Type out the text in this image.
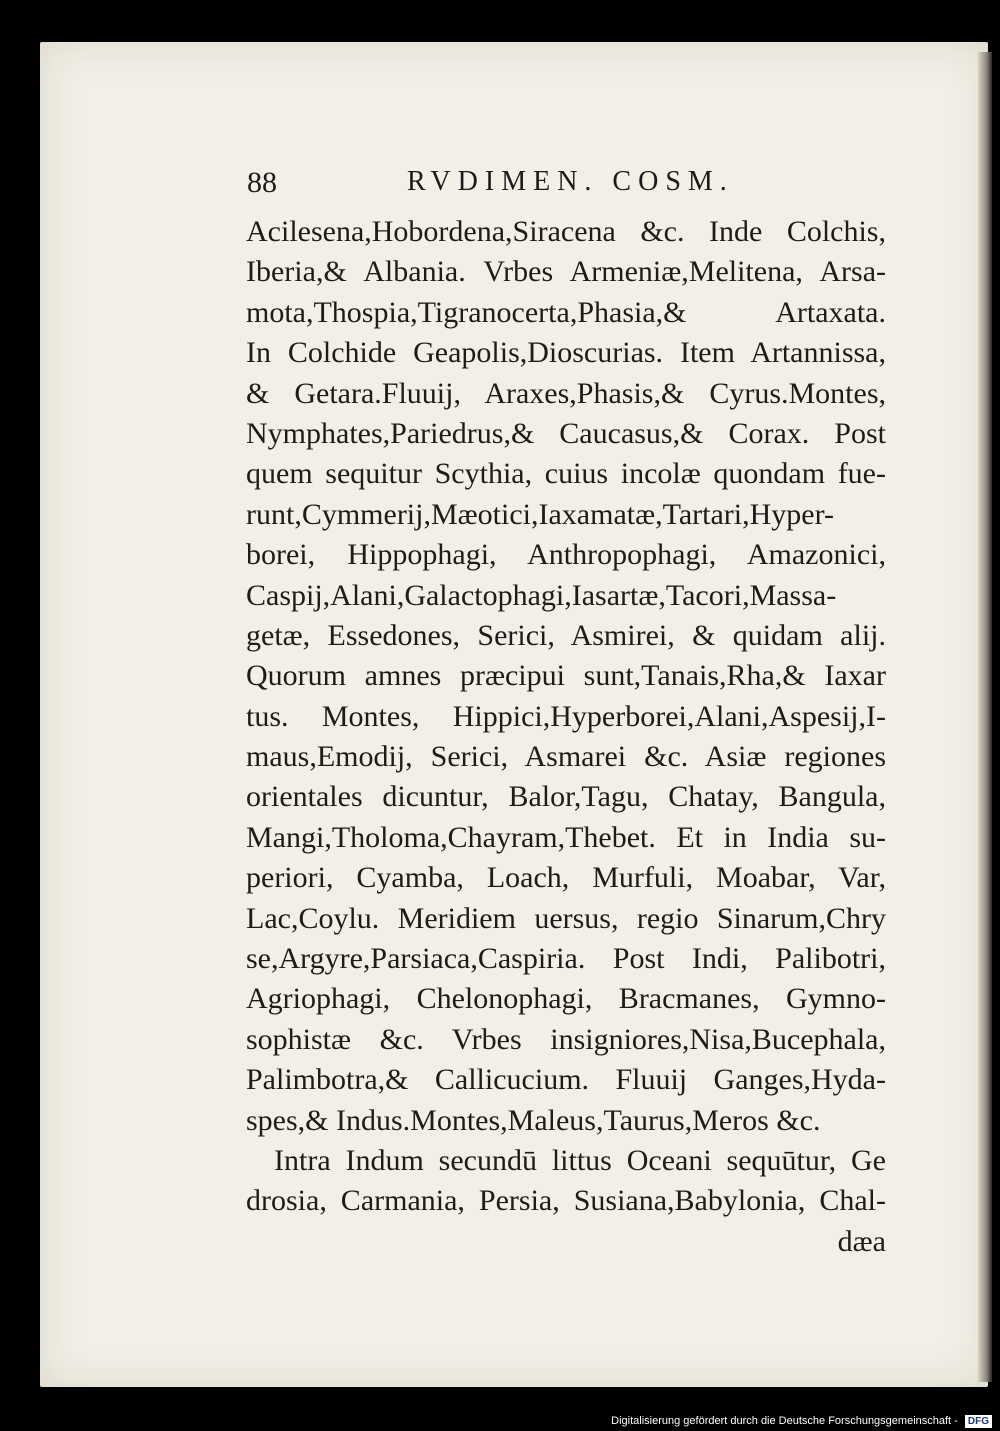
88	RVDIMEN. COSM.
Acilesena,Hobordena,Siracena &c. Inde Colchis,
Iberia,& Albania. Vrbes Armeniæ,Melitena, Arsa-
mota,Thospia,Tigranocerta,Phasia,& Artaxata.
In Colchide Geapolis,Dioscurias. Item Artannissa,
& Getara.Fluuij, Araxes,Phasis,& Cyrus.Montes,
Nymphates,Pariedrus,& Caucasus,& Corax. Post
quem sequitur Scythia, cuius incolæ quondam fue-
runt,Cymmerij,Mæotici,Iaxamatæ,Tartari,Hyper-
borei, Hippophagi, Anthropophagi, Amazonici,
Caspij,Alani,Galactophagi,Iasartæ,Tacori,Massa-
getæ, Essedones, Serici, Asmirei, & quidam alij.
Quorum amnes præcipui sunt,Tanais,Rha,& Iaxar
tus. Montes, Hippici,Hyperborei,Alani,Aspesij,I-
maus,Emodij, Serici, Asmarei &c. Asiæ regiones
orientales dicuntur, Balor,Tagu, Chatay, Bangula,
Mangi,Tholoma,Chayram,Thebet. Et in India su-
periori, Cyamba, Loach, Murfuli, Moabar, Var,
Lac,Coylu. Meridiem uersus, regio Sinarum,Chry
se,Argyre,Parsiaca,Caspiria. Post Indi, Palibotri,
Agriophagi, Chelonophagi, Bracmanes, Gymno-
sophistæ &c. Vrbes insigniores,Nisa,Bucephala,
Palimbotra,& Callicucium. Fluuij Ganges,Hyda-
spes,& Indus.Montes,Maleus,Taurus,Meros &c.
Intra Indum secundū littus Oceani sequūtur, Ge
drosia, Carmania, Persia, Susiana,Babylonia, Chal-
dæa
Digitalisierung gefördert durch die Deutsche Forschungsgemeinschaft - DFG
